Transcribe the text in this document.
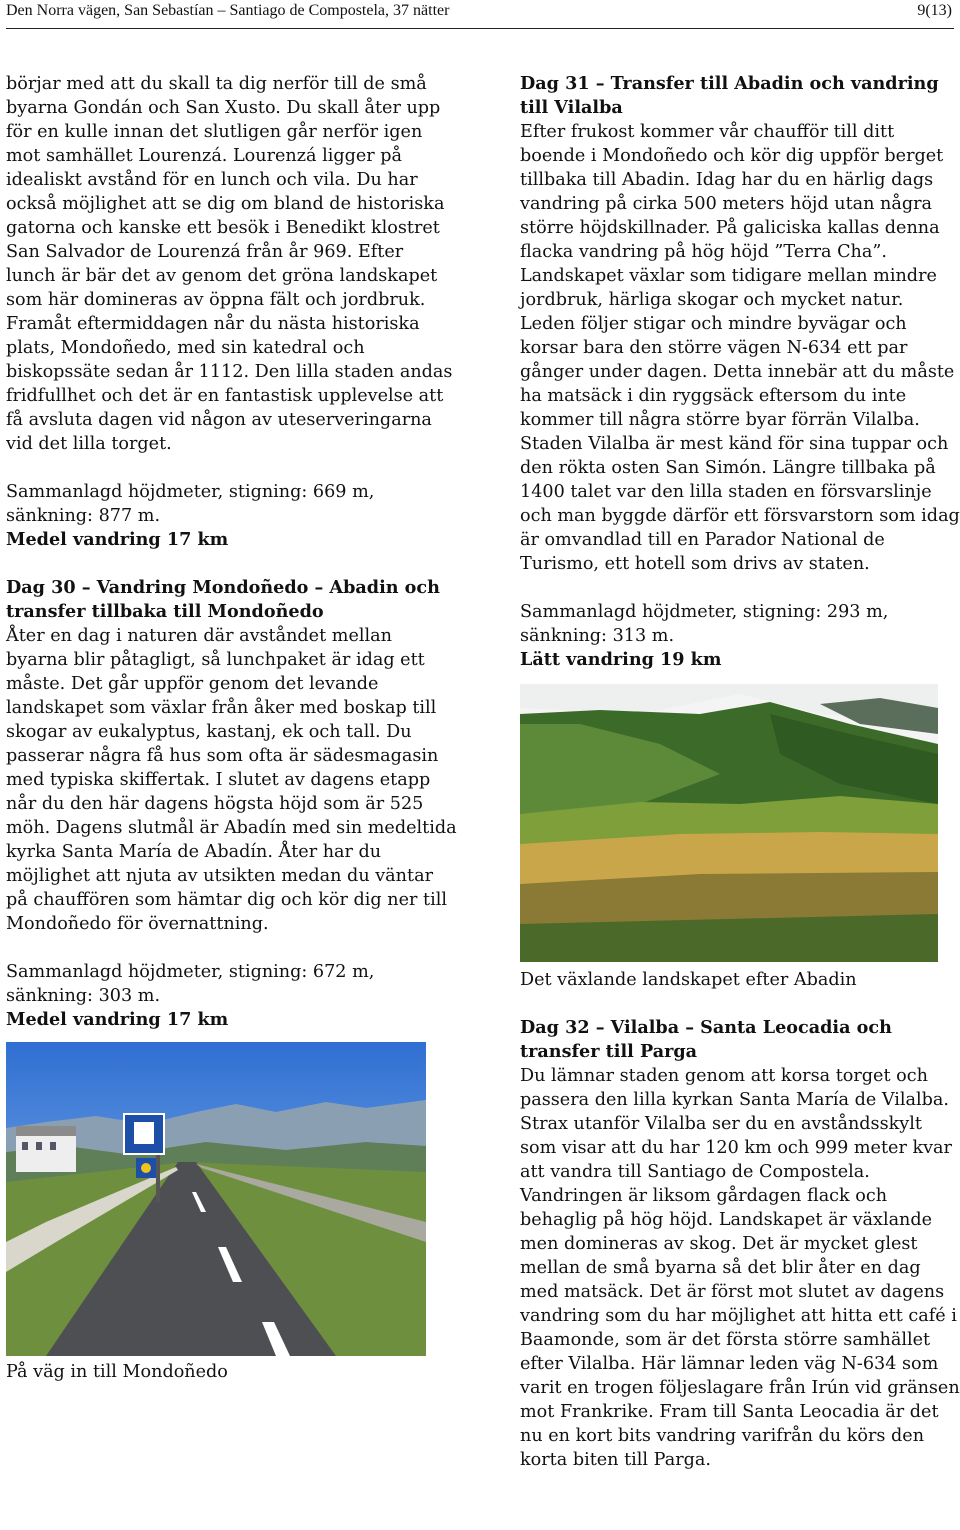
Den Norra vägen, San Sebastían – Santiago de Compostela, 37 nätter	9(13)

börjar med att du skall ta dig nerför till de små byarna Gondán och San Xusto. Du skall åter upp för en kulle innan det slutligen går nerför igen mot samhället Lourenzá. Lourenzá ligger på idealiskt avstånd för en lunch och vila. Du har också möjlighet att se dig om bland de historiska gatorna och kanske ett besök i Benedikt klostret San Salvador de Lourenzá från år 969. Efter lunch är bär det av genom det gröna landskapet som här domineras av öppna fält och jordbruk. Framåt eftermiddagen når du nästa historiska plats, Mondoñedo, med sin katedral och biskopssäte sedan år 1112. Den lilla staden andas fridfullhet och det är en fantastisk upplevelse att få avsluta dagen vid någon av uteserveringarna vid det lilla torget.

Sammanlagd höjdmeter, stigning: 669 m, sänkning: 877 m.

Medel vandring 17 km

Dag 30 – Vandring Mondoñedo – Abadin och transfer tillbaka till Mondoñedo

Åter en dag i naturen där avståndet mellan byarna blir påtagligt, så lunchpaket är idag ett måste. Det går uppför genom det levande landskapet som växlar från åker med boskap till skogar av eukalyptus, kastanj, ek och tall. Du passerar några få hus som ofta är sädesmagasin med typiska skiffertak. I slutet av dagens etapp når du den här dagens högsta höjd som är 525 möh. Dagens slutmål är Abadín med sin medeltida kyrka Santa María de Abadín. Åter har du möjlighet att njuta av utsikten medan du väntar på chauffören som hämtar dig och kör dig ner till Mondoñedo för övernattning.

Sammanlagd höjdmeter, stigning: 672 m, sänkning: 303 m.

Medel vandring 17 km

På väg in till Mondoñedo

Dag 31 – Transfer till Abadin och vandring till Vilalba

Efter frukost kommer vår chaufför till ditt boende i Mondoñedo och kör dig uppför berget tillbaka till Abadin. Idag har du en härlig dags vandring på cirka 500 meters höjd utan några större höjdskillnader. På galiciska kallas denna flacka vandring på hög höjd ”Terra Cha”. Landskapet växlar som tidigare mellan mindre jordbruk, härliga skogar och mycket natur. Leden följer stigar och mindre byvägar och korsar bara den större vägen N-634 ett par gånger under dagen. Detta innebär att du måste ha matsäck i din ryggsäck eftersom du inte kommer till några större byar förrän Vilalba. Staden Vilalba är mest känd för sina tuppar och den rökta osten San Simón. Längre tillbaka på 1400 talet var den lilla staden en försvarslinje och man byggde därför ett försvarstorn som idag är omvandlad till en Parador National de Turismo, ett hotell som drivs av staten.

Sammanlagd höjdmeter, stigning: 293 m, sänkning: 313 m.

Lätt vandring 19 km

Det växlande landskapet efter Abadin

Dag 32 – Vilalba – Santa Leocadia och transfer till Parga

Du lämnar staden genom att korsa torget och passera den lilla kyrkan Santa María de Vilalba. Strax utanför Vilalba ser du en avståndsskylt som visar att du har 120 km och 999 meter kvar att vandra till Santiago de Compostela. Vandringen är liksom gårdagen flack och behaglig på hög höjd. Landskapet är växlande men domineras av skog. Det är mycket glest mellan de små byarna så det blir åter en dag med matsäck. Det är först mot slutet av dagens vandring som du har möjlighet att hitta ett café i Baamonde, som är det första större samhället efter Vilalba. Här lämnar leden väg N-634 som varit en trogen följeslagare från Irún vid gränsen mot Frankrike. Fram till Santa Leocadia är det nu en kort bits vandring varifrån du körs den korta biten till Parga.
